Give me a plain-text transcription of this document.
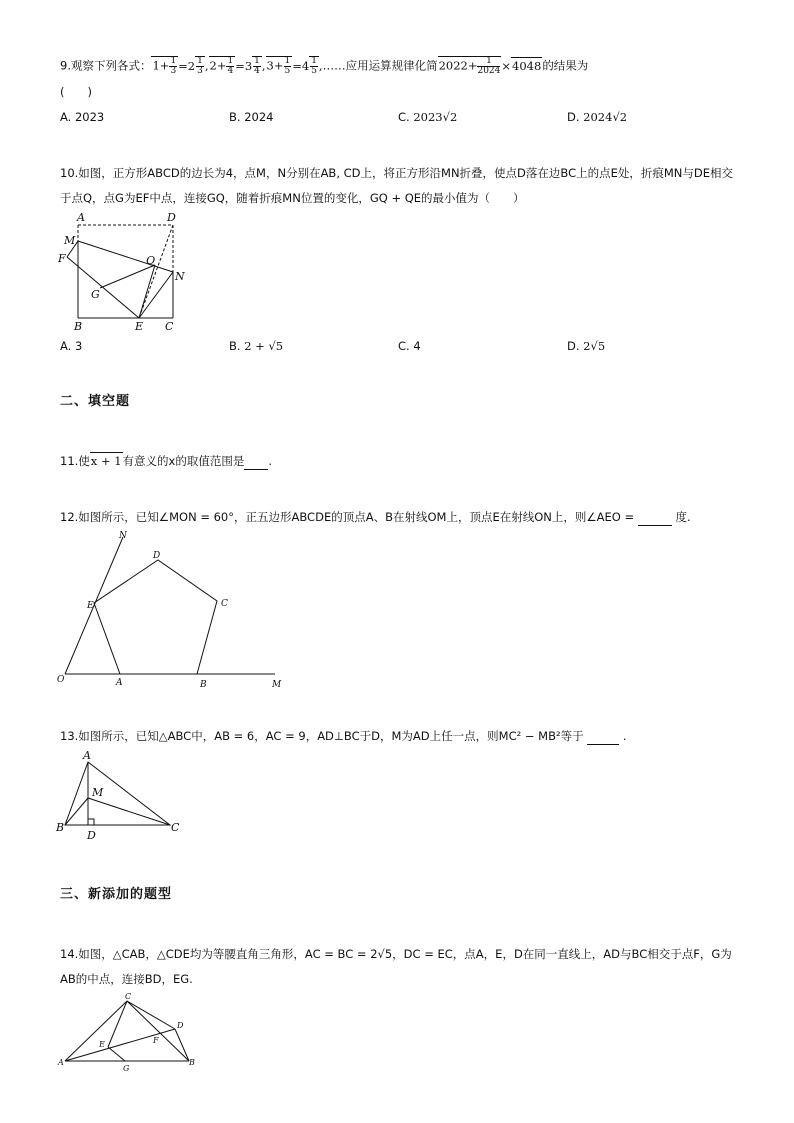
9.观察下列各式：$1+ \frac{1}{3} =2 \frac{1}{3} ,2+ \frac{1}{4} =3 \frac{1}{4} ,3+ \frac{1}{5} =4 \frac{1}{5}$ ,……应用运算规律化简$2022+ \frac{1}{2024} \times 4048$的结果为
(　　)
A. 2023	B. 2024	C. 2023√2	D. 2024√2
10.如图，正方形ABCD的边长为4，点M，N分别在AB, CD上，将正方形沿MN折叠，使点D落在边BC上的点E处，折痕MN与DE相交
于点Q，点G为EF中点，连接GQ，随着折痕MN位置的变化，GQ + QE的最小值为（　　）
A	D
M
F	Q
N
G
B	E C
A. 3	B. 2 + √5	C. 4	D. 2√5
二、填空题
11.使x + 1有意义的x的取值范围是 .
12.如图所示，已知∠MON = 60°，正五边形ABCDE的顶点A、B在射线OM上，顶点E在射线ON上，则∠AEO =	度.
N
D
E	C
O	A	B	M
13.如图所示，已知△ABC中，AB = 6，AC = 9，AD⊥BC于D，M为AD上任一点，则MC² − MB²等于	.
A
M
B
D
C
三、新添加的题型
14.如图，△CAB，△CDE均为等腰直角三角形，AC = BC = 2√5，DC = EC，点A，E，D在同一直线上，AD与BC相交于点F，G为
AB的中点，连接BD，EG.
C
D
E	F
A
G
B
